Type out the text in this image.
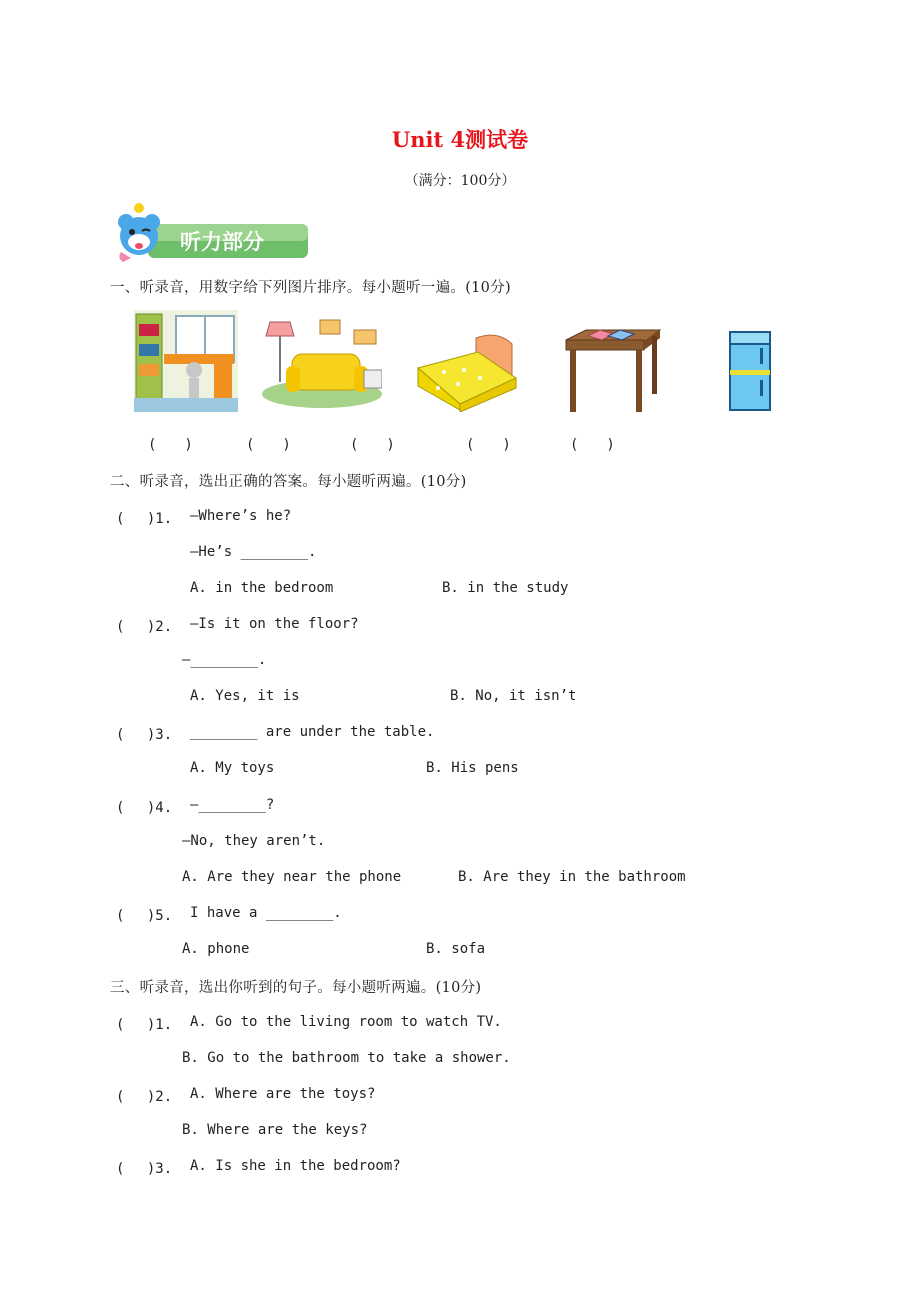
Unit 4测试卷
（满分：100分）
听力部分
一、听录音，用数字给下列图片排序。每小题听一遍。(10分)
(　　)	(　　)	(　　)	(　　)	(　　)
二、听录音，选出正确的答案。每小题听两遍。(10分)
(　 )1. —Where’s he?
—He’s ________.
A. in the bedroom	B. in the study
(　 )2. —Is it on the floor?
—________.
A. Yes, it is	B. No, it isn’t
(　 )3. ________ are under the table.
A. My toys	B. His pens
(　 )4. —________?
—No, they aren’t.
A. Are they near the phone	B. Are they in the bathroom
(　 )5. I have a ________.
A. phone	B. sofa
三、听录音，选出你听到的句子。每小题听两遍。(10分)
(　 )1. A. Go to the living room to watch TV.
B. Go to the bathroom to take a shower.
(　 )2. A. Where are the toys?
B. Where are the keys?
(　 )3. A. Is she in the bedroom?
